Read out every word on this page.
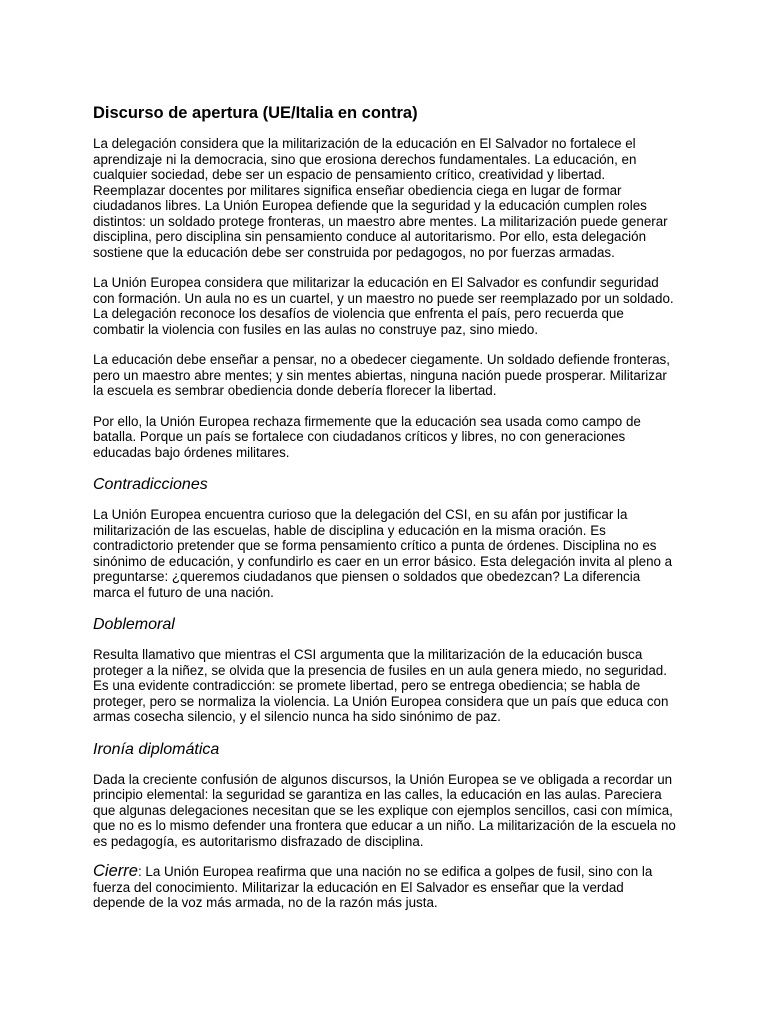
Discurso de apertura (UE/Italia en contra)

La delegación considera que la militarización de la educación en El Salvador no fortalece el aprendizaje ni la democracia, sino que erosiona derechos fundamentales. La educación, en cualquier sociedad, debe ser un espacio de pensamiento crítico, creatividad y libertad. Reemplazar docentes por militares significa enseñar obediencia ciega en lugar de formar ciudadanos libres. La Unión Europea defiende que la seguridad y la educación cumplen roles distintos: un soldado protege fronteras, un maestro abre mentes. La militarización puede generar disciplina, pero disciplina sin pensamiento conduce al autoritarismo. Por ello, esta delegación sostiene que la educación debe ser construida por pedagogos, no por fuerzas armadas.

La Unión Europea considera que militarizar la educación en El Salvador es confundir seguridad con formación. Un aula no es un cuartel, y un maestro no puede ser reemplazado por un soldado. La delegación reconoce los desafíos de violencia que enfrenta el país, pero recuerda que combatir la violencia con fusiles en las aulas no construye paz, sino miedo.

La educación debe enseñar a pensar, no a obedecer ciegamente. Un soldado defiende fronteras, pero un maestro abre mentes; y sin mentes abiertas, ninguna nación puede prosperar. Militarizar la escuela es sembrar obediencia donde debería florecer la libertad.

Por ello, la Unión Europea rechaza firmemente que la educación sea usada como campo de batalla. Porque un país se fortalece con ciudadanos críticos y libres, no con generaciones educadas bajo órdenes militares.

Contradicciones

La Unión Europea encuentra curioso que la delegación del CSI, en su afán por justificar la militarización de las escuelas, hable de disciplina y educación en la misma oración. Es contradictorio pretender que se forma pensamiento crítico a punta de órdenes. Disciplina no es sinónimo de educación, y confundirlo es caer en un error básico. Esta delegación invita al pleno a preguntarse: ¿queremos ciudadanos que piensen o soldados que obedezcan? La diferencia marca el futuro de una nación.

Doblemoral

Resulta llamativo que mientras el CSI argumenta que la militarización de la educación busca proteger a la niñez, se olvida que la presencia de fusiles en un aula genera miedo, no seguridad. Es una evidente contradicción: se promete libertad, pero se entrega obediencia; se habla de proteger, pero se normaliza la violencia. La Unión Europea considera que un país que educa con armas cosecha silencio, y el silencio nunca ha sido sinónimo de paz.

Ironía diplomática

Dada la creciente confusión de algunos discursos, la Unión Europea se ve obligada a recordar un principio elemental: la seguridad se garantiza en las calles, la educación en las aulas. Pareciera que algunas delegaciones necesitan que se les explique con ejemplos sencillos, casi con mímica, que no es lo mismo defender una frontera que educar a un niño. La militarización de la escuela no es pedagogía, es autoritarismo disfrazado de disciplina.

Cierre: La Unión Europea reafirma que una nación no se edifica a golpes de fusil, sino con la fuerza del conocimiento. Militarizar la educación en El Salvador es enseñar que la verdad depende de la voz más armada, no de la razón más justa.
